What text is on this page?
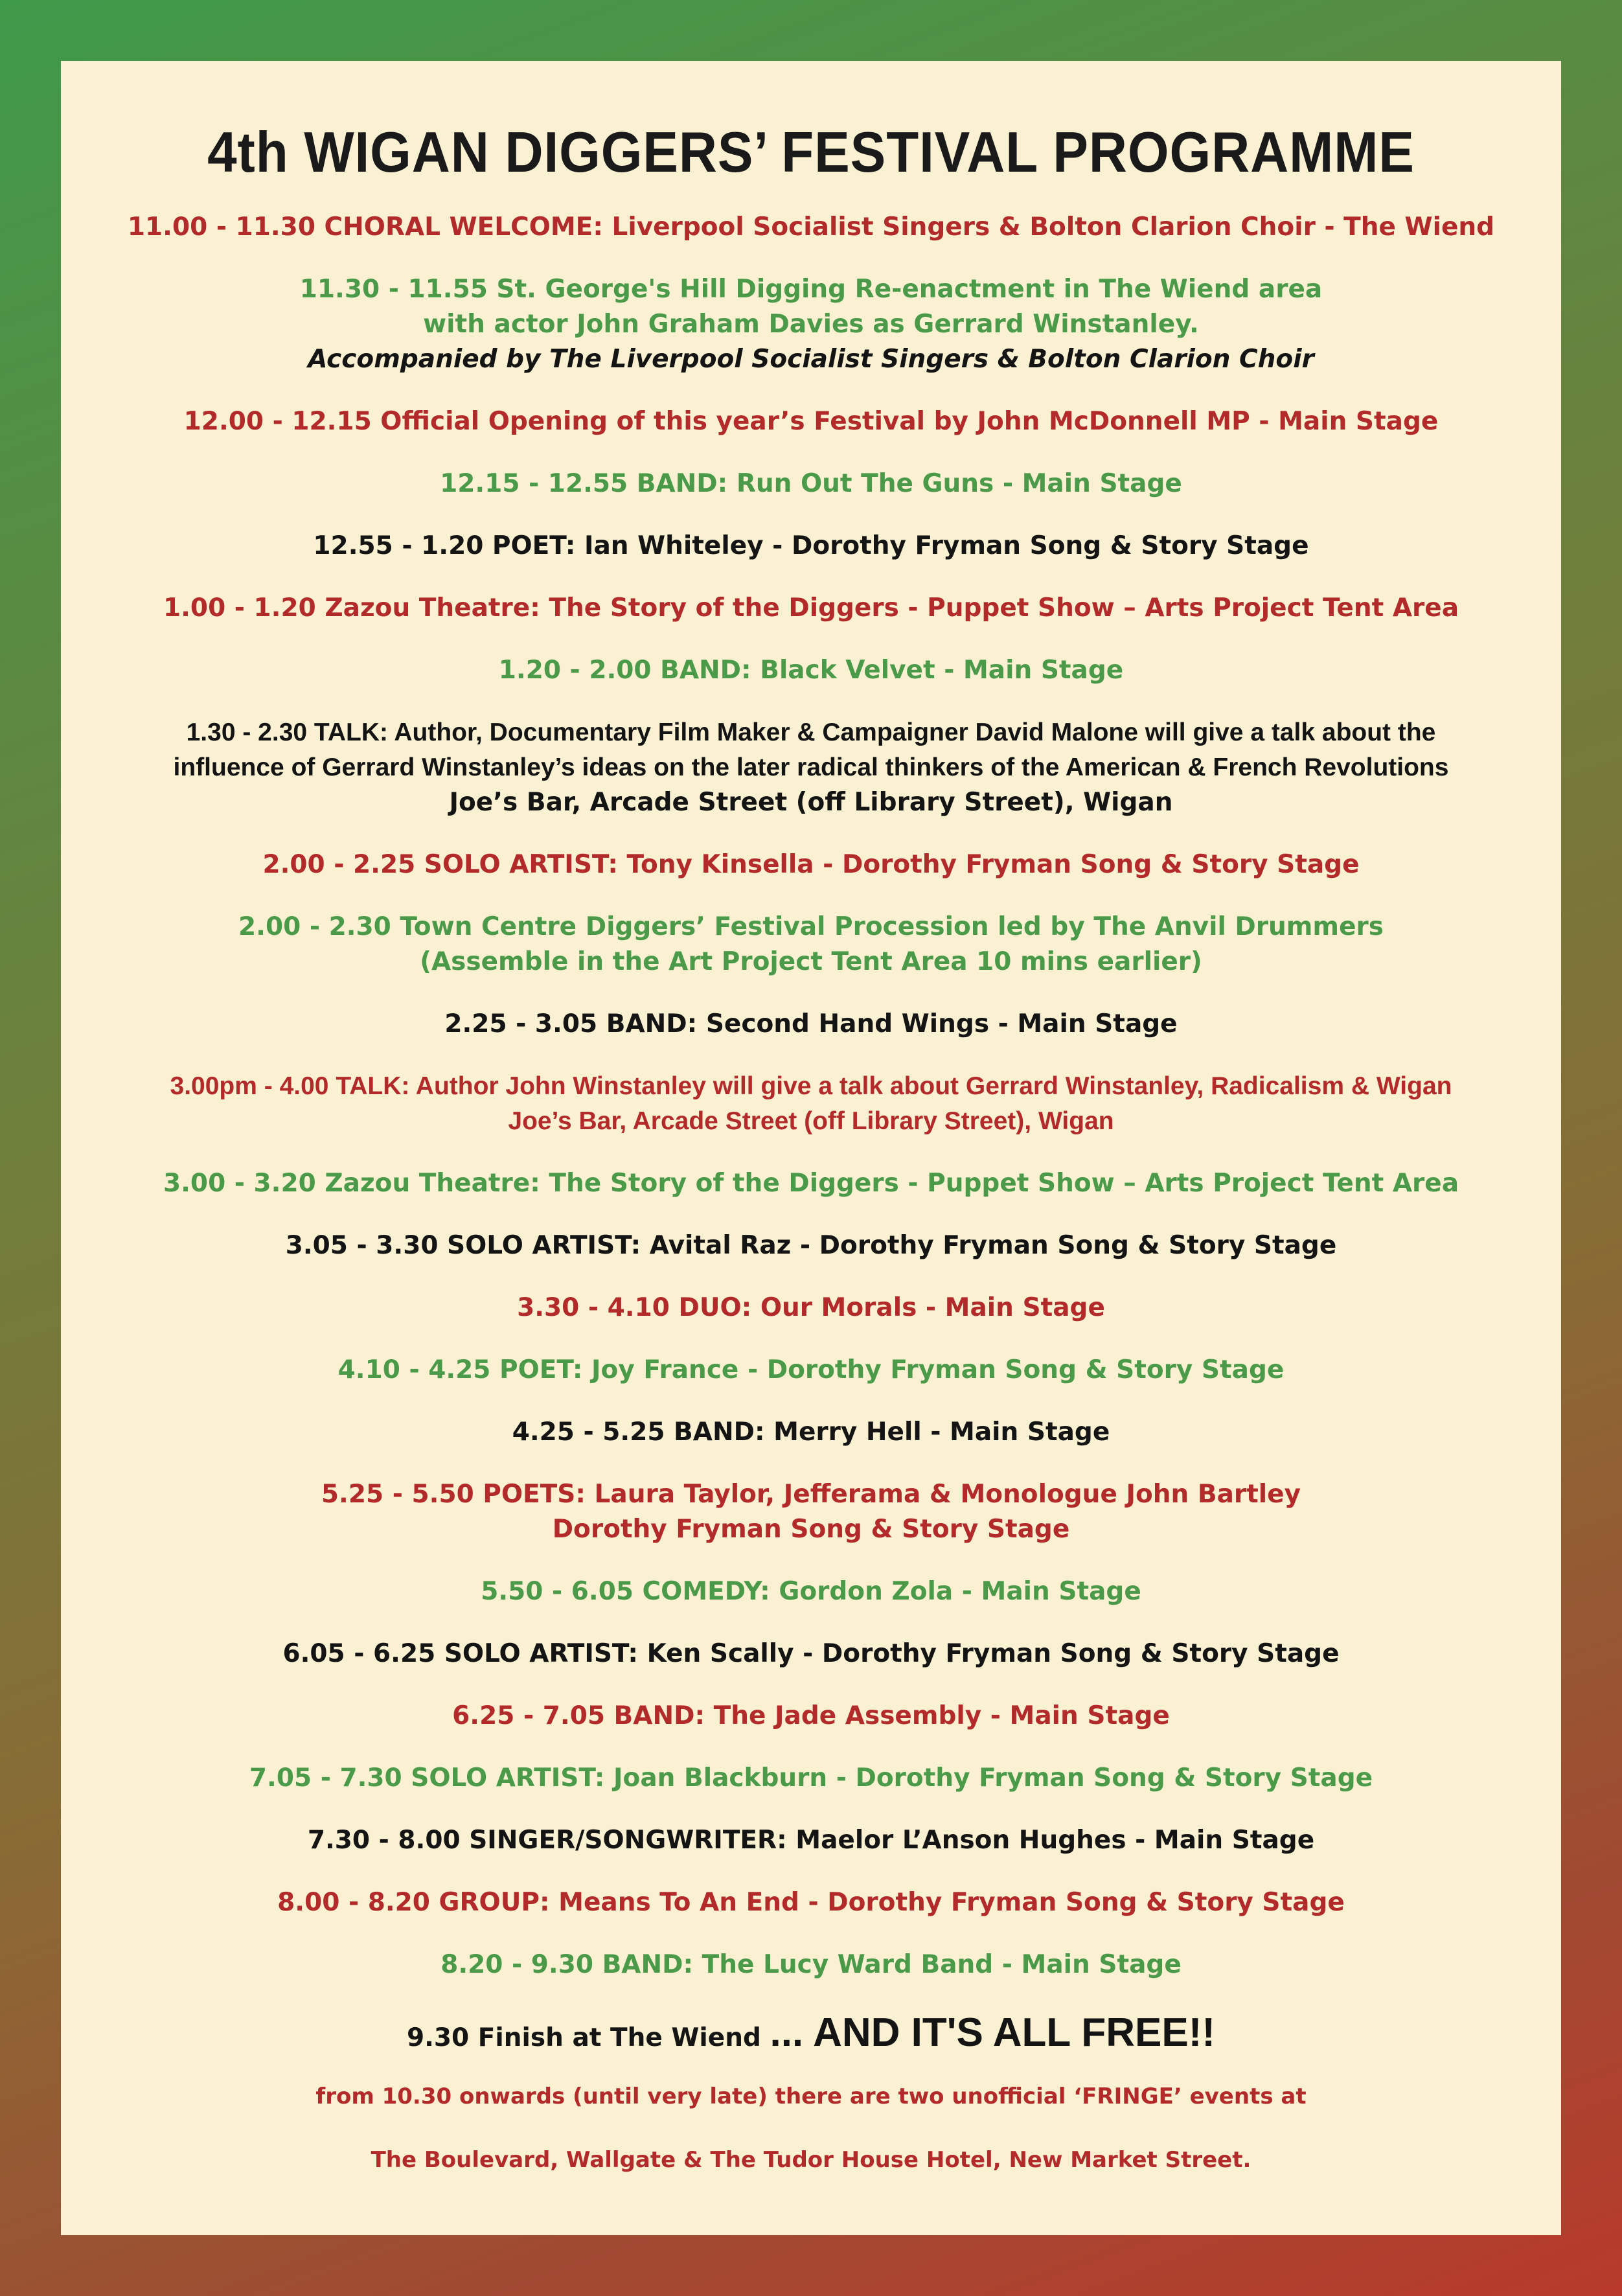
4th WIGAN DIGGERS’ FESTIVAL PROGRAMME
11.00 - 11.30 CHORAL WELCOME: Liverpool Socialist Singers & Bolton Clarion Choir - The Wiend
11.30 - 11.55 St. George's Hill Digging Re-enactment in The Wiend area
with actor John Graham Davies as Gerrard Winstanley.
Accompanied by The Liverpool Socialist Singers & Bolton Clarion Choir
12.00 - 12.15 Official Opening of this year’s Festival by John McDonnell MP - Main Stage
12.15 - 12.55 BAND: Run Out The Guns - Main Stage
12.55 - 1.20 POET: Ian Whiteley - Dorothy Fryman Song & Story Stage
1.00 - 1.20 Zazou Theatre: The Story of the Diggers - Puppet Show – Arts Project Tent Area
1.20 - 2.00 BAND: Black Velvet - Main Stage
1.30 - 2.30 TALK: Author, Documentary Film Maker & Campaigner David Malone will give a talk about the
influence of Gerrard Winstanley’s ideas on the later radical thinkers of the American & French Revolutions
Joe’s Bar, Arcade Street (off Library Street), Wigan
2.00 - 2.25 SOLO ARTIST: Tony Kinsella - Dorothy Fryman Song & Story Stage
2.00 - 2.30 Town Centre Diggers’ Festival Procession led by The Anvil Drummers
(Assemble in the Art Project Tent Area 10 mins earlier)
2.25 - 3.05 BAND: Second Hand Wings - Main Stage
3.00pm - 4.00 TALK: Author John Winstanley will give a talk about Gerrard Winstanley, Radicalism & Wigan
Joe’s Bar, Arcade Street (off Library Street), Wigan
3.00 - 3.20 Zazou Theatre: The Story of the Diggers - Puppet Show – Arts Project Tent Area
3.05 - 3.30 SOLO ARTIST: Avital Raz - Dorothy Fryman Song & Story Stage
3.30 - 4.10 DUO: Our Morals - Main Stage
4.10 - 4.25 POET: Joy France - Dorothy Fryman Song & Story Stage
4.25 - 5.25 BAND: Merry Hell - Main Stage
5.25 - 5.50 POETS: Laura Taylor, Jefferama & Monologue John Bartley
Dorothy Fryman Song & Story Stage
5.50 - 6.05 COMEDY: Gordon Zola - Main Stage
6.05 - 6.25 SOLO ARTIST: Ken Scally - Dorothy Fryman Song & Story Stage
6.25 - 7.05 BAND: The Jade Assembly - Main Stage
7.05 - 7.30 SOLO ARTIST: Joan Blackburn - Dorothy Fryman Song & Story Stage
7.30 - 8.00 SINGER/SONGWRITER: Maelor L’Anson Hughes - Main Stage
8.00 - 8.20 GROUP: Means To An End - Dorothy Fryman Song & Story Stage
8.20 - 9.30 BAND: The Lucy Ward Band - Main Stage
9.30 Finish at The Wiend ... AND IT'S ALL FREE!!
from 10.30 onwards (until very late) there are two unofficial ‘FRINGE’ events at
The Boulevard, Wallgate & The Tudor House Hotel, New Market Street.
